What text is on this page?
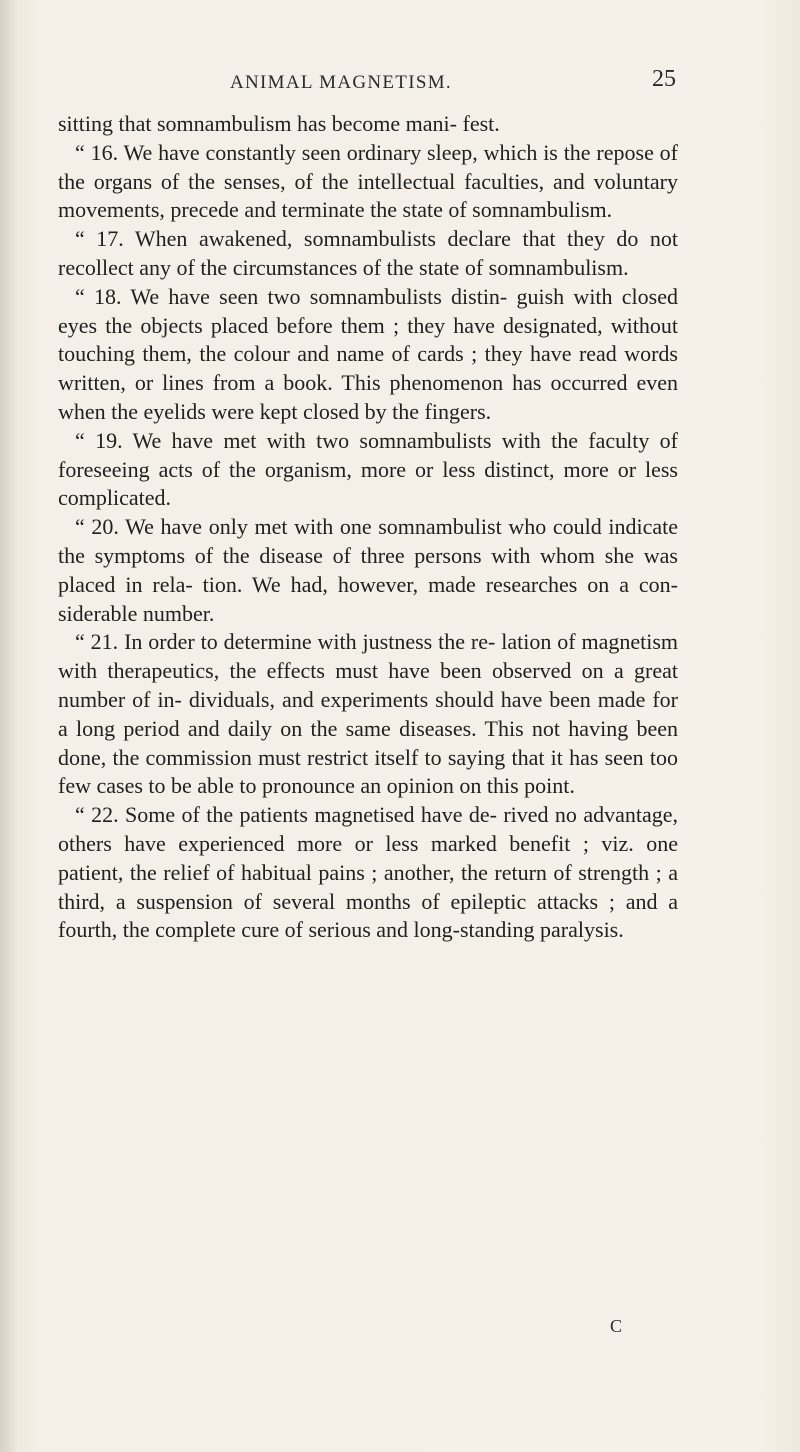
ANIMAL MAGNETISM.	25

sitting that somnambulism has become mani- fest.

“ 16. We have constantly seen ordinary sleep, which is the repose of the organs of the senses, of the intellectual faculties, and voluntary movements, precede and terminate the state of somnambulism.

“ 17. When awakened, somnambulists declare that they do not recollect any of the circumstances of the state of somnambulism.

“ 18. We have seen two somnambulists distin- guish with closed eyes the objects placed before them ; they have designated, without touching them, the colour and name of cards ; they have read words written, or lines from a book. This phenomenon has occurred even when the eyelids were kept closed by the fingers.

“ 19. We have met with two somnambulists with the faculty of foreseeing acts of the organism, more or less distinct, more or less complicated.

“ 20. We have only met with one somnambulist who could indicate the symptoms of the disease of three persons with whom she was placed in rela- tion. We had, however, made researches on a con- siderable number.

“ 21. In order to determine with justness the re- lation of magnetism with therapeutics, the effects must have been observed on a great number of in- dividuals, and experiments should have been made for a long period and daily on the same diseases. This not having been done, the commission must restrict itself to saying that it has seen too few cases to be able to pronounce an opinion on this point.

“ 22. Some of the patients magnetised have de- rived no advantage, others have experienced more or less marked benefit ; viz. one patient, the relief of habitual pains ; another, the return of strength ; a third, a suspension of several months of epileptic attacks ; and a fourth, the complete cure of serious and long-standing paralysis.

C
